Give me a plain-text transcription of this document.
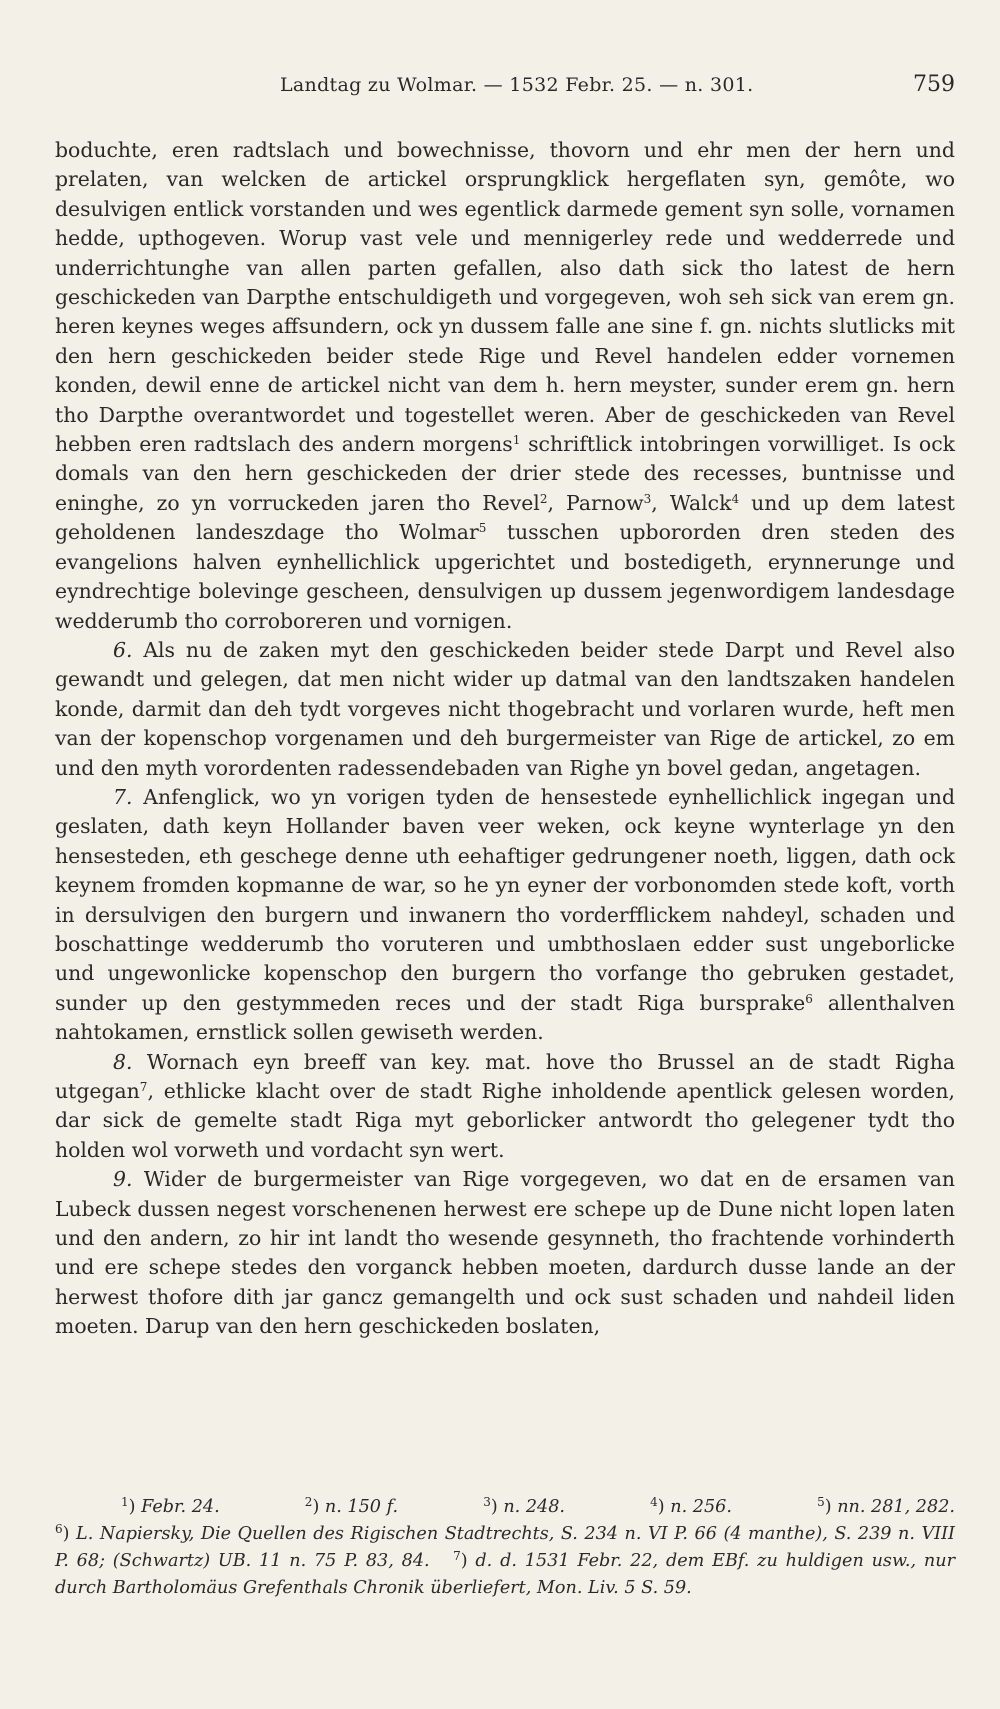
Landtag zu Wolmar. — 1532 Febr. 25. — n. 301.	759

boduchte, eren radtslach und bowechnisse, thovorn und ehr men der hern und prelaten, van welcken de artickel orsprungklick hergeflaten syn, gemôte, wo desulvigen entlick vorstanden und wes egentlick darmede gement syn solle, vornamen hedde, upthogeven. Worup vast vele und mennigerley rede und wedderrede und underrichtunghe van allen parten gefallen, also dath sick tho latest de hern geschickeden van Darpthe entschuldigeth und vorgegeven, woh seh sick van erem gn. heren keynes weges affsundern, ock yn dussem falle ane sine f. gn. nichts slutlicks mit den hern geschickeden beider stede Rige und Revel handelen edder vornemen konden, dewil enne de artickel nicht van dem h. hern meyster, sunder erem gn. hern tho Darpthe overantwordet und togestellet weren. Aber de geschickeden van Revel hebben eren radtslach des andern morgens$^1$ schriftlick intobringen vorwilliget. Is ock domals van den hern geschickeden der drier stede des recesses, buntnisse und eninghe, zo yn vorruckeden jaren tho Revel$^2$, Parnow$^3$, Walck$^4$ und up dem latest geholdenen landeszdage tho Wolmar$^5$ tusschen upbororden dren steden des evangelions halven eynhellichlick upgerichtet und bostedigeth, erynnerunge und eyndrechtige bolevinge gescheen, densulvigen up dussem jegenwordigem landesdage wedderumb tho corroboreren und vornigen.

6. Als nu de zaken myt den geschickeden beider stede Darpt und Revel also gewandt und gelegen, dat men nicht wider up datmal van den landtszaken handelen konde, darmit dan deh tydt vorgeves nicht thogebracht und vorlaren wurde, heft men van der kopenschop vorgenamen und deh burgermeister van Rige de artickel, zo em und den myth vorordenten radessendebaden van Righe yn bovel gedan, angetagen.

7. Anfenglick, wo yn vorigen tyden de hensestede eynhellichlick ingegan und geslaten, dath keyn Hollander baven veer weken, ock keyne wynterlage yn den hensesteden, eth geschege denne uth eehaftiger gedrungener noeth, liggen, dath ock keynem fromden kopmanne de war, so he yn eyner der vorbonomden stede koft, vorth in dersulvigen den burgern und inwanern tho vorderfflickem nahdeyl, schaden und boschattinge wedderumb tho voruteren und umbthoslaen edder sust ungeborlicke und ungewonlicke kopenschop den burgern tho vorfange tho gebruken gestadet, sunder up den gestymmeden reces und der stadt Riga bursprake$^6$ allenthalven nahtokamen, ernstlick sollen gewiseth werden.

8. Wornach eyn breeff van key. mat. hove tho Brussel an de stadt Righa utgegan$^7$, ethlicke klacht over de stadt Righe inholdende apentlick gelesen worden, dar sick de gemelte stadt Riga myt geborlicker antwordt tho gelegener tydt tho holden wol vorweth und vordacht syn wert.

9. Wider de burgermeister van Rige vorgegeven, wo dat en de ersamen van Lubeck dussen negest vorschenenen herwest ere schepe up de Dune nicht lopen laten und den andern, zo hir int landt tho wesende gesynneth, tho frachtende vorhinderth und ere schepe stedes den vorganck hebben moeten, dardurch dusse lande an der herwest thofore dith jar gancz gemangelth und ock sust schaden und nahdeil liden moeten. Darup van den hern geschickeden boslaten,

$^1$) Febr. 24.	$^2$) n. 150 f.	$^3$) n. 248.	$^4$) n. 256.	$^5$) nn. 281, 282.

$^6$) L. Napiersky, Die Quellen des Rigischen Stadtrechts, S. 234 n. VI P. 66 (4 manthe), S. 239 n. VIII P. 68; (Schwartz) UB. 11 n. 75 P. 83, 84. $^7$) d. d. 1531 Febr. 22, dem EBf. zu huldigen usw., nur durch Bartholomäus Grefenthals Chronik überliefert, Mon. Liv. 5 S. 59.
